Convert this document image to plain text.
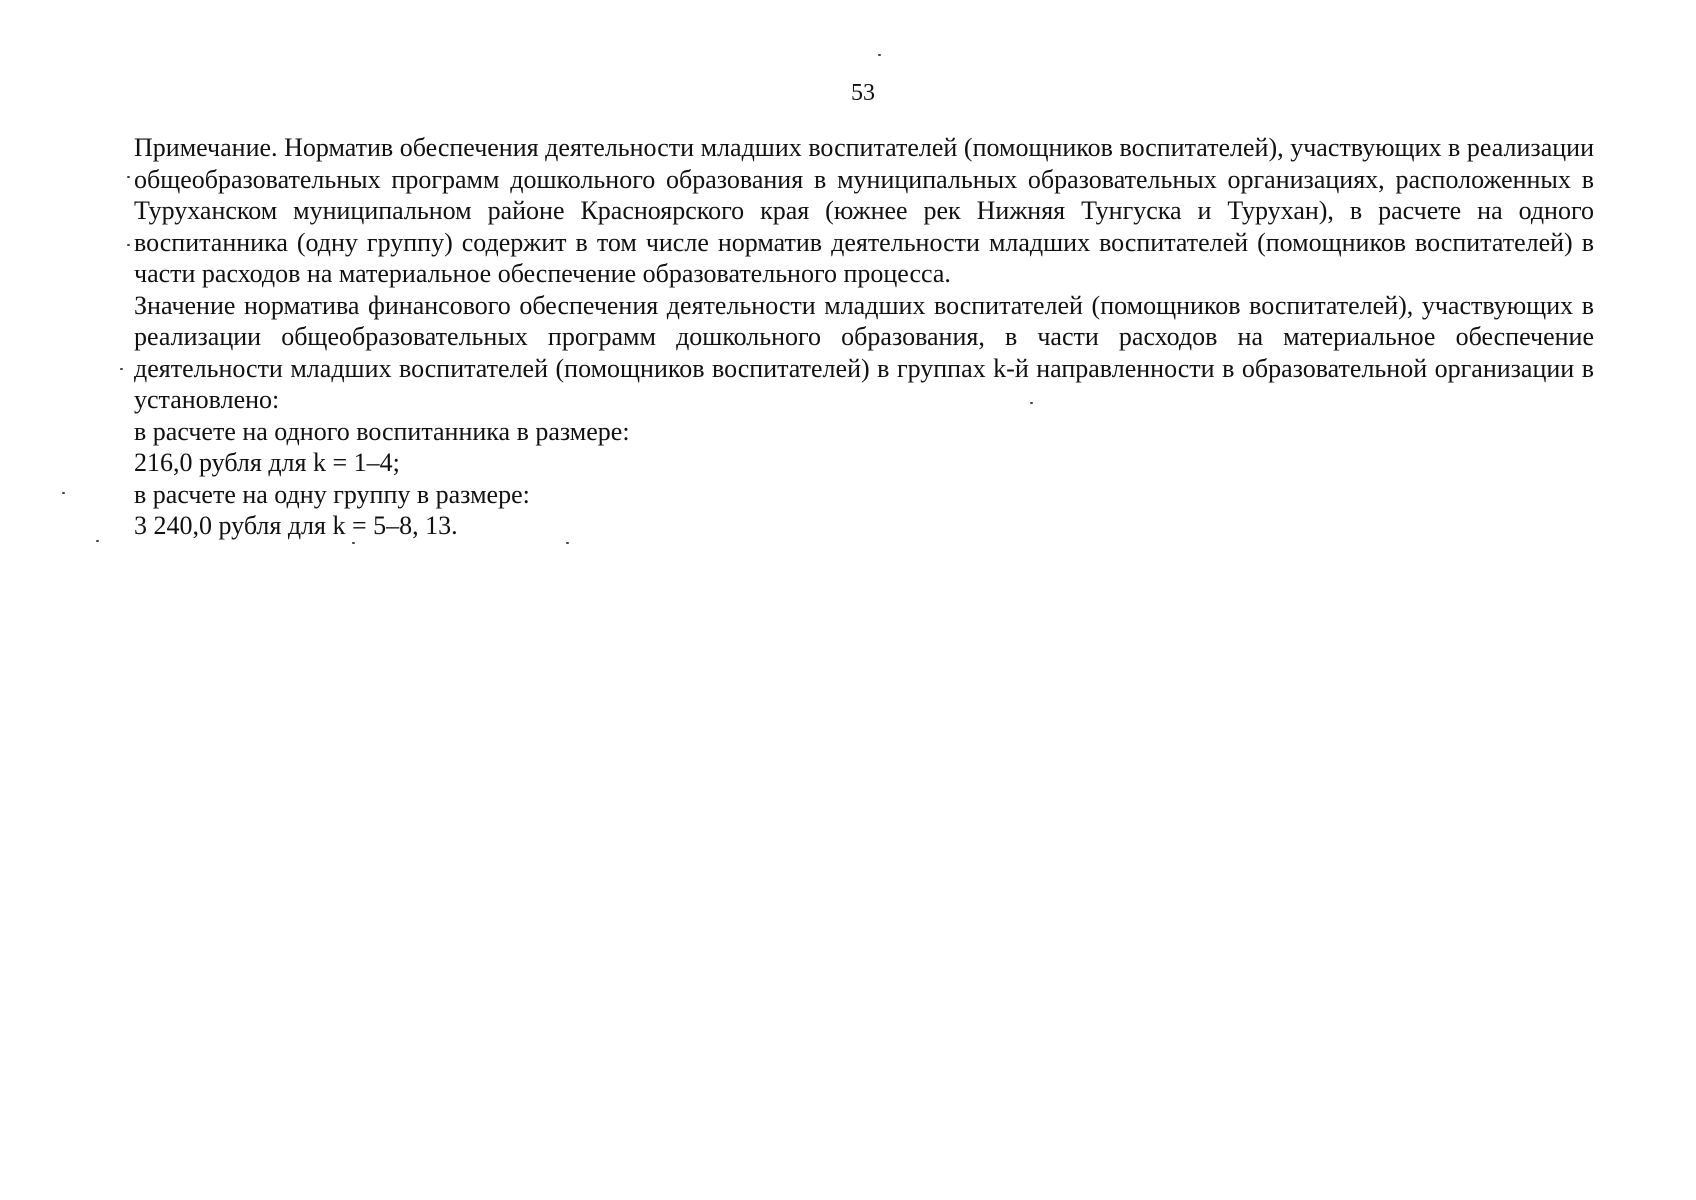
53

Примечание. Норматив обеспечения деятельности младших воспитателей (помощников воспитателей), участвующих в реализации общеобразовательных программ дошкольного образования в муниципальных образовательных организациях, расположенных в Туруханском муниципальном районе Красноярского края (южнее рек Нижняя Тунгуска и Турухан), в расчете на одного воспитанника (одну группу) содержит в том числе норматив деятельности младших воспитателей (помощников воспитателей) в части расходов на материальное обеспечение образовательного процесса.

Значение норматива финансового обеспечения деятельности младших воспитателей (помощников воспитателей), участвующих в реализации общеобразовательных программ дошкольного образования, в части расходов на материальное обеспечение деятельности младших воспитателей (помощников воспитателей) в группах k-й направленности в образовательной организации в установлено:

в расчете на одного воспитанника в размере:

216,0 рубля для k = 1–4;

в расчете на одну группу в размере:

3 240,0 рубля для k = 5–8, 13.
